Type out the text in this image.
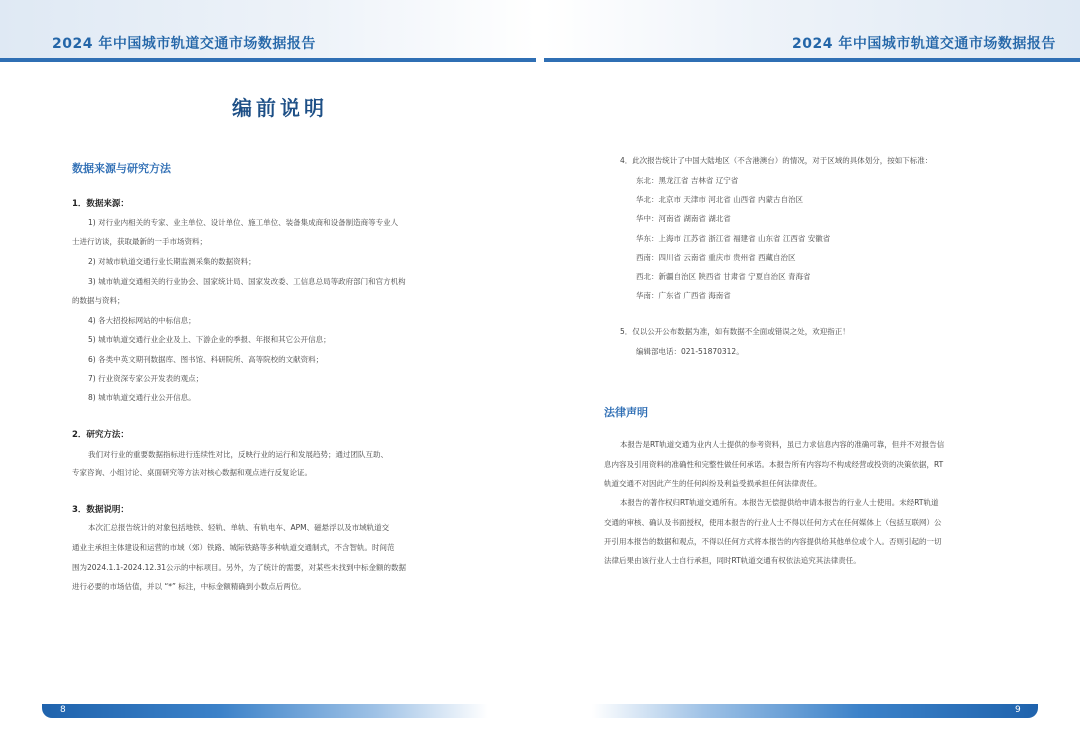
2024 年中国城市轨道交通市场数据报告	2024 年中国城市轨道交通市场数据报告
编前说明
数据来源与研究方法
1．数据来源：
1) 对行业内相关的专家、业主单位、设计单位、施工单位、装备集成商和设备制造商等专业人
士进行访谈，获取最新的一手市场资料；
2) 对城市轨道交通行业长期监测采集的数据资料；
3) 城市轨道交通相关的行业协会、国家统计局、国家发改委、工信息总局等政府部门和官方机构
的数据与资料；
4) 各大招投标网站的中标信息；
5) 城市轨道交通行业企业及上、下游企业的季报、年报和其它公开信息；
6) 各类中英文期刊数据库、图书馆、科研院所、高等院校的文献资料；
7) 行业资深专家公开发表的观点；
8) 城市轨道交通行业公开信息。
2．研究方法：
我们对行业的重要数据指标进行连续性对比，反映行业的运行和发展趋势；通过团队互助、
专家咨询、小组讨论、桌面研究等方法对核心数据和观点进行反复论证。
3．数据说明：
本次汇总报告统计的对象包括地铁、轻轨、单轨、有轨电车、APM、磁悬浮以及市域轨道交
通业主承担主体建设和运营的市域（郊）铁路、城际铁路等多种轨道交通制式，不含智轨。时间范
围为2024.1.1-2024.12.31公示的中标项目。另外，为了统计的需要，对某些未找到中标金额的数据
进行必要的市场估值，并以 “*” 标注，中标金额精确到小数点后两位。
4．此次报告统计了中国大陆地区（不含港澳台）的情况，对于区域的具体划分，按如下标准：
东北：黑龙江省 吉林省 辽宁省
华北：北京市 天津市 河北省 山西省 内蒙古自治区
华中：河南省 湖南省 湖北省
华东：上海市 江苏省 浙江省 福建省 山东省 江西省 安徽省
西南：四川省 云南省 重庆市 贵州省 西藏自治区
西北：新疆自治区 陕西省 甘肃省 宁夏自治区 青海省
华南：广东省 广西省 海南省
5．仅以公开公布数据为准，如有数据不全面或错误之处，欢迎指正！
编辑部电话：021-51870312。
法律声明
本报告是RT轨道交通为业内人士提供的参考资料，虽已力求信息内容的准确可靠，但并不对报告信
息内容及引用资料的准确性和完整性做任何承诺。本报告所有内容均不构成经营或投资的决策依据，RT
轨道交通不对因此产生的任何纠纷及利益受损承担任何法律责任。
本报告的著作权归RT轨道交通所有。本报告无偿提供给申请本报告的行业人士使用。未经RT轨道
交通的审核、确认及书面授权，使用本报告的行业人士不得以任何方式在任何媒体上（包括互联网）公
开引用本报告的数据和观点，不得以任何方式将本报告的内容提供给其他单位或个人。否则引起的一切
法律后果由该行业人士自行承担，同时RT轨道交通有权依法追究其法律责任。
8	9
